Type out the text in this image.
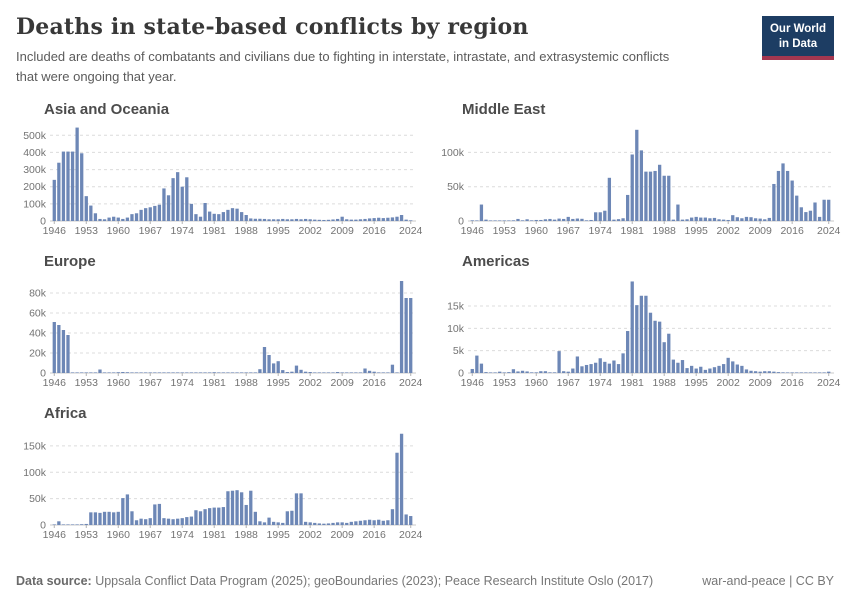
Deaths in state-based conflicts by region

Included are deaths of combatants and civilians due to fighting in interstate, intrastate, and extrasystemic conflicts that were ongoing that year.

Our World
in Data
Asia and Oceania
0
100k
200k
300k
400k
500k
1946 1953 1960 1967 1974 1981 1988 1995 2002 2009 2016 2024
Middle East
0
50k
100k
1946 1953 1960 1967 1974 1981 1988 1995 2002 2009 2016 2024
Europe
0
20k
40k
60k
80k
1946 1953 1960 1967 1974 1981 1988 1995 2002 2009 2016 2024
Americas
0
5k
10k
15k
1946 1953 1960 1967 1974 1981 1988 1995 2002 2009 2016 2024
Africa
0
50k
100k
150k
1946 1953 1960 1967 1974 1981 1988 1995 2002 2009 2016 2024
Data source: Uppsala Conflict Data Program (2025); geoBoundaries (2023); Peace Research Institute Oslo (2017)	war-and-peace | CC BY
